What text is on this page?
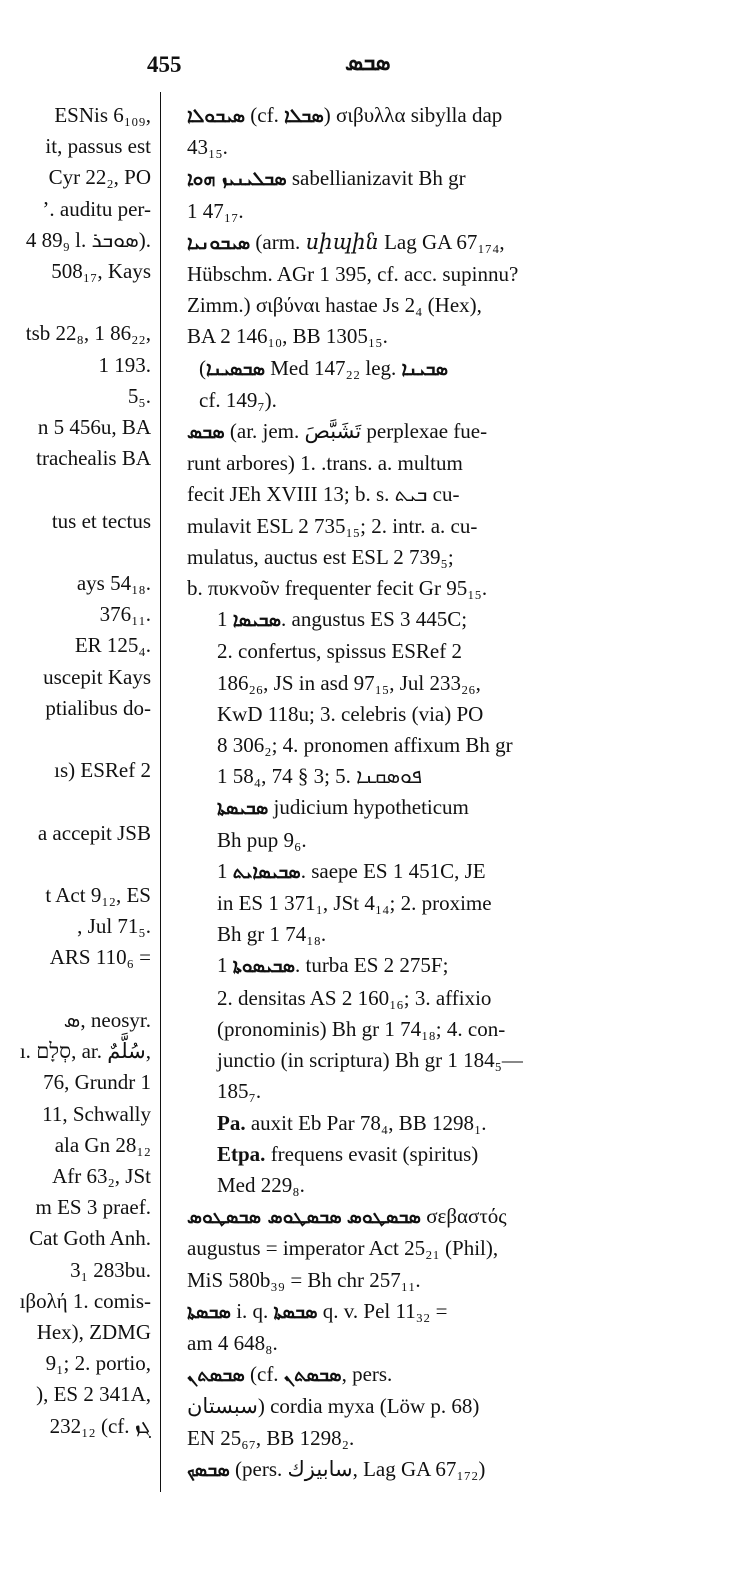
455	ܣܒܣ
ESNis 6₁₀₉,
it, passus est
Cyr 22₂, PO
ʼ. auditu per-
4 89₉ l. ܣܘܒܪ).
508₁₇, Kays

tsb 22₈, 1 86₂₂,
1 193.
5₅.
n 5 456u, BA
trachealis BA

tus et tectus

ays 54₁₈.
376₁₁.
ER 125₄.
uscepit Kays
ptialibus do-

ıs) ESRef 2

a accepit JSB

t Act 9₁₂, ES
, Jul 71₅.
ARS 110₆ =

ܣ, neosyr.
ı. סְלָם, ar. سُلَّمٌ,
76, Grundr 1
11, Schwally
ala Gn 28₁₂
Afr 63₂, JSt
m ES 3 praef.
Cat Goth Anh.
3₁ 283bu.
ıβολή 1. comis-
Hex), ZDMG
9₁; 2. portio,
), ES 2 341A,
232₁₂ (cf. ܓܙ
ܣܝܒܘܠܐ (cf. ܣܒܠܐ) σιβυλλα sibylla dap
43₁₅.
ܣܒܠܝܢܝܙ ܗܘܐ sabellianizavit Bh gr
1 47₁₇.
ܣܝܒܘܢܝܐ (arm. սիպին Lag GA 67₁₇₄,
Hübschm. AGr 1 395, cf. acc. supinnu?
Zimm.) σιβύναι hastae Js 2₄ (Hex),
BA 2 146₁₀, BB 1305₁₅.
(ܣܒܣܝܢܐ Med 147₂₂ leg. ܣܒܝܢܐ
cf. 149₇).
ܣܒܣ (ar. jem. تَشَبَّصَ perplexae fue-
runt arbores) 1. .trans. a. multum
fecit JEh XVIII 13; b. s. ܒܝܬ cu-
mulavit ESL 2 735₁₅; 2. intr. a. cu-
mulatus, auctus est ESL 2 739₅;
b. πυκνοῦν frequenter fecit Gr 95₁₅.
ܣܒܝܣܐ 1. angustus ES 3 445C;
2. confertus, spissus ESRef 2
186₂₆, JS in asd 97₁₅, Jul 233₂₆,
KwD 118u; 3. celebris (via) PO
8 306₂; 4. pronomen affixum Bh gr
1 58₄, 74 § 3; 5. ܦܘܣܩܢܐ
ܣܒܝܣܬܐ judicium hypotheticum
Bh pup 9₆.
ܣܒܝܣܐܝܬ 1. saepe ES 1 451C, JE
in ES 1 371₁, JSt 4₁₄; 2. proxime
Bh gr 1 74₁₈.
ܣܒܝܣܘܬܐ 1. turba ES 2 275F;
2. densitas AS 2 160₁₆; 3. affixio
(pronominis) Bh gr 1 74₁₈; 4. con-
junctio (in scriptura) Bh gr 1 184₅—
185₇.
Pa. auxit Eb Par 78₄, BB 1298₁.
Etpa. frequens evasit (spiritus)
Med 229₈.
ܣܒܣܛܘܣ ܣܒܣܛܘܣ ܣܒܣܛܘܣ	σεβαστός
augustus = imperator Act 25₂₁ (Phil),
MiS 580b₃₉ = Bh chr 257₁₁.
ܣܒܣܬܐ i. q. ܣܒܣܬܐ q. v. Pel 11₃₂ =
am 4 648₈.
ܣܒܣܬܢ (cf. ܣܒܣܬܢ, pers.
سبستان) cordia myxa (Löw p. 68)
EN 25₆₇, BB 1298₂.
ܣܒܣܟ (pers. سابيزك, Lag GA 67₁₇₂)
